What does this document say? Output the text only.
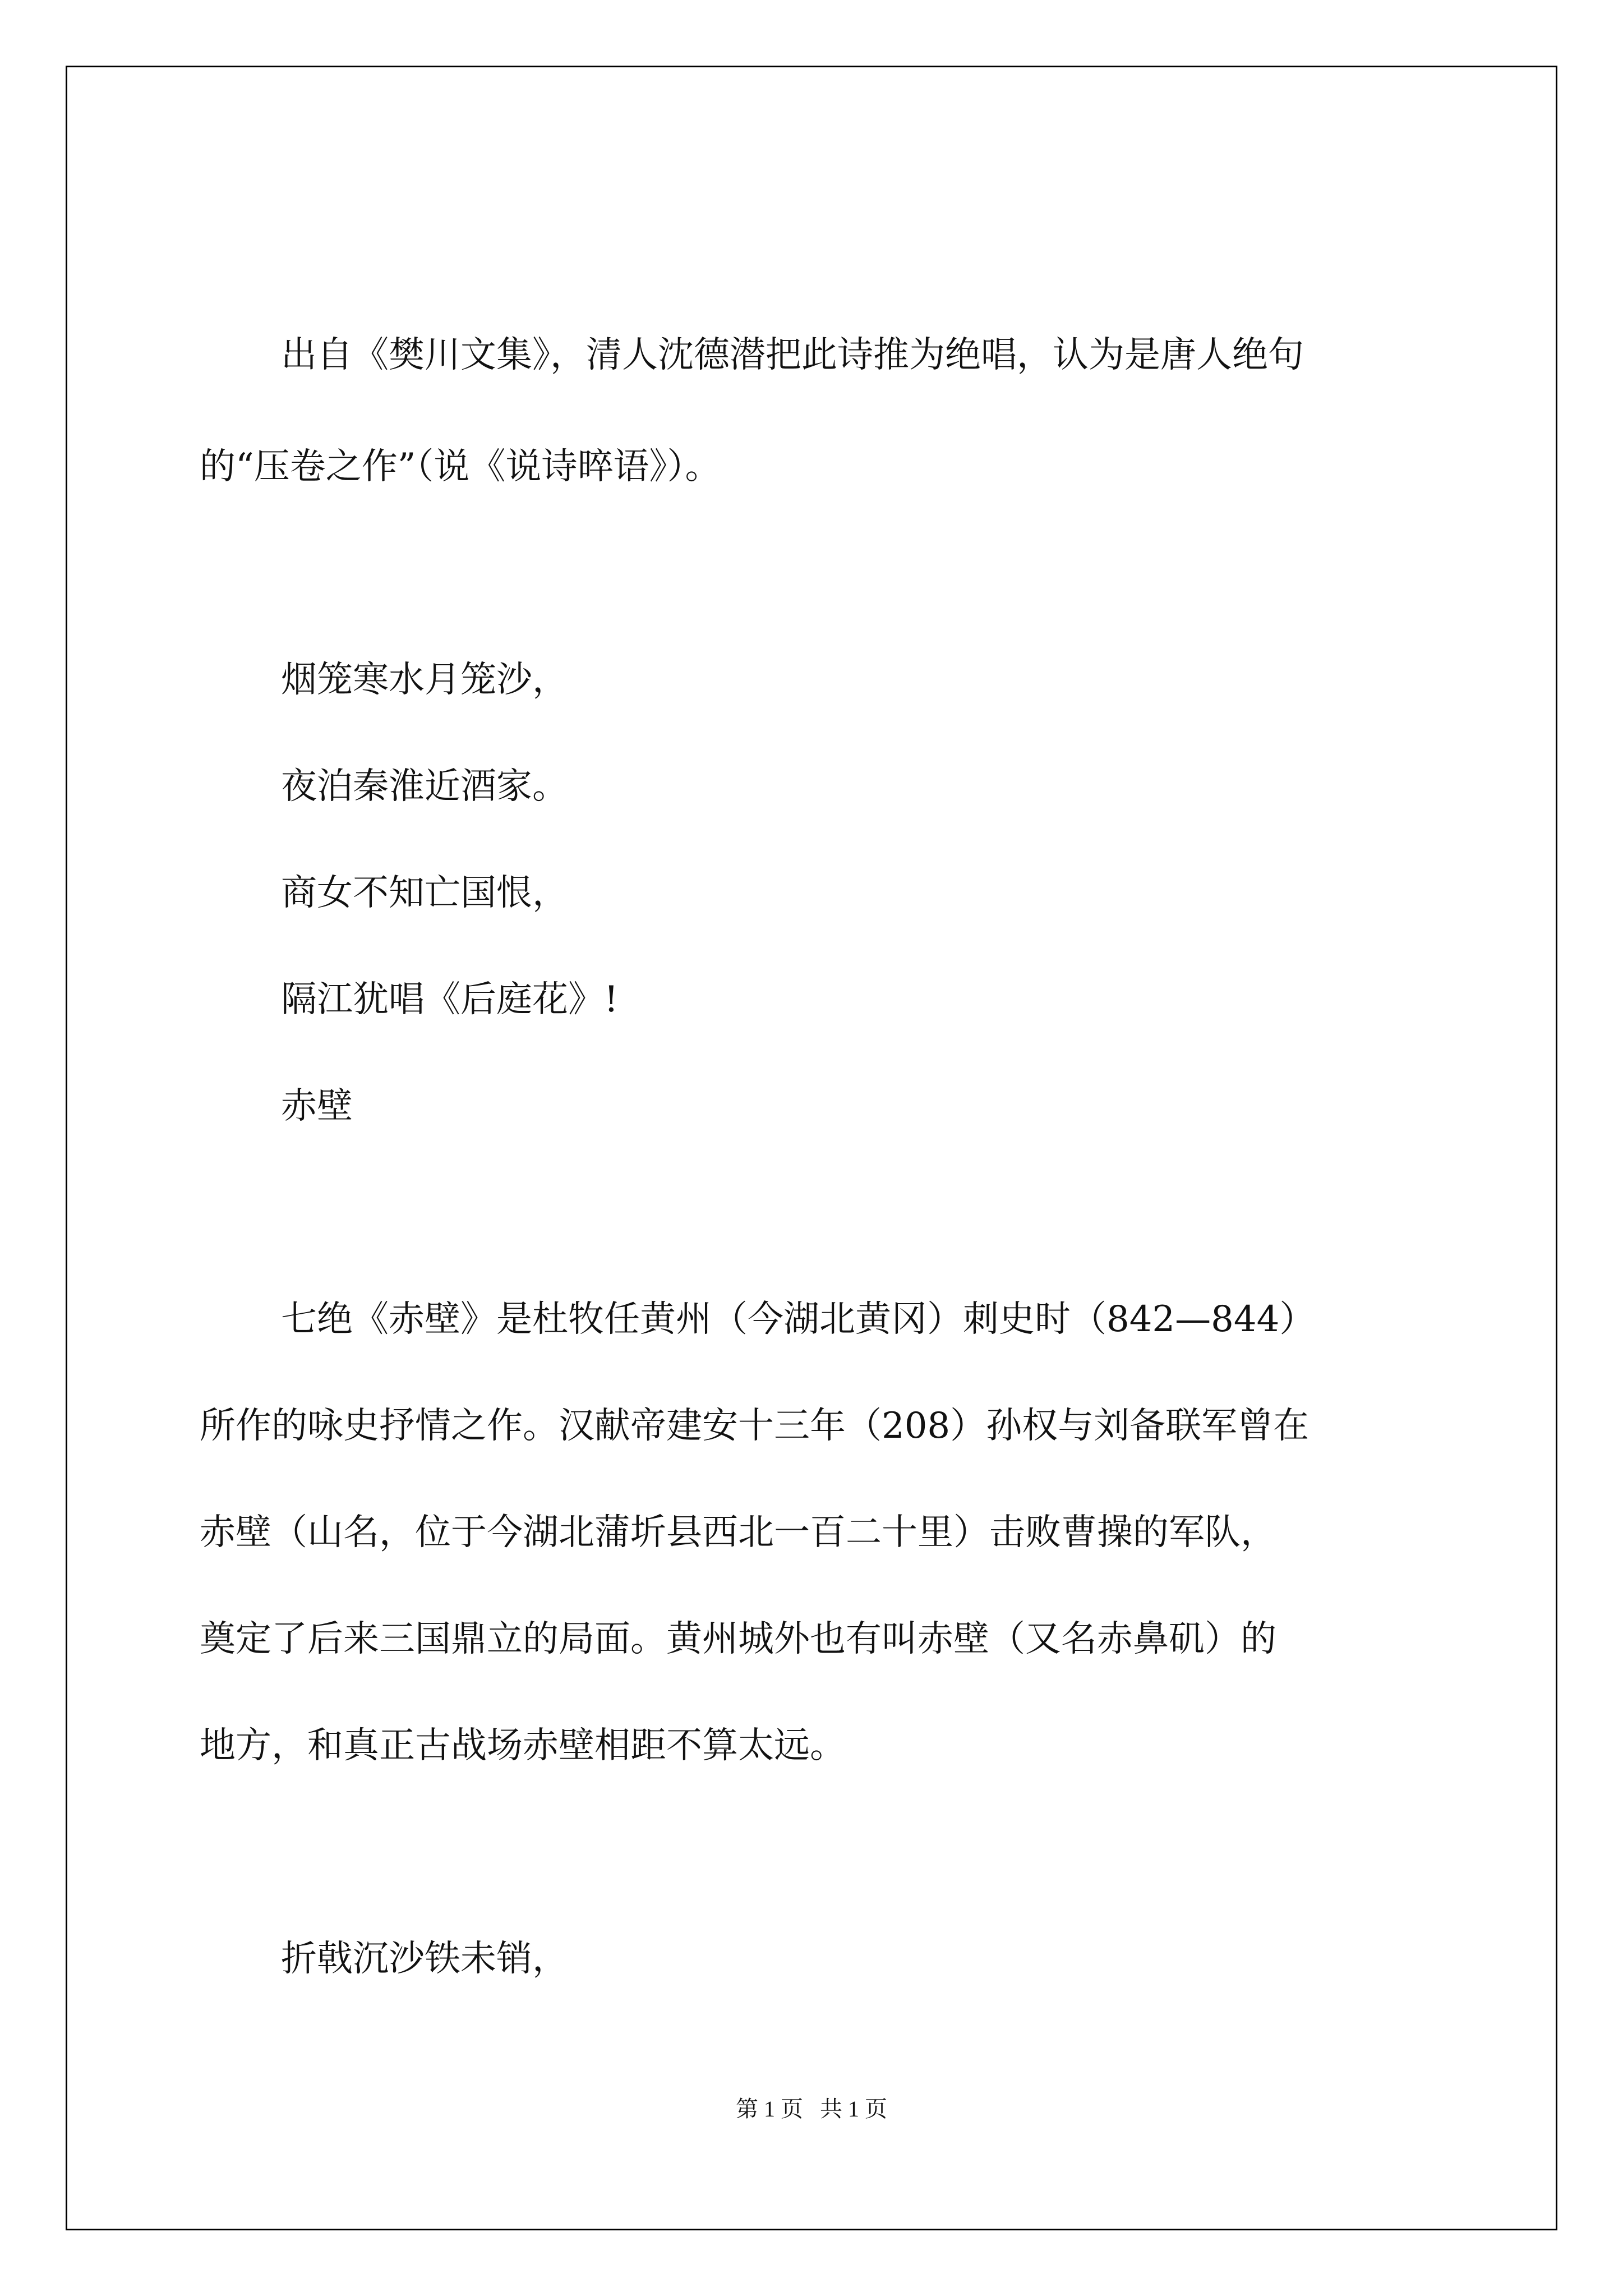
出自《樊川文集》，清人沈德潜把此诗推为绝唱，认为是唐人绝句

的“压卷之作”（说《说诗晬语》）。

烟笼寒水月笼沙，

夜泊秦淮近酒家。

商女不知亡国恨，

隔江犹唱《后庭花》!

赤壁

七绝《赤壁》是杜牧任黄州（今湖北黄冈）刺史时（842—844）

所作的咏史抒情之作。汉献帝建安十三年（208）孙权与刘备联军曾在

赤壁（山名，位于今湖北蒲圻县西北一百二十里）击败曹操的军队，

奠定了后来三国鼎立的局面。黄州城外也有叫赤壁（又名赤鼻矶）的

地方，和真正古战场赤壁相距不算太远。

折戟沉沙铁未销，

第 1 页   共 1 页
